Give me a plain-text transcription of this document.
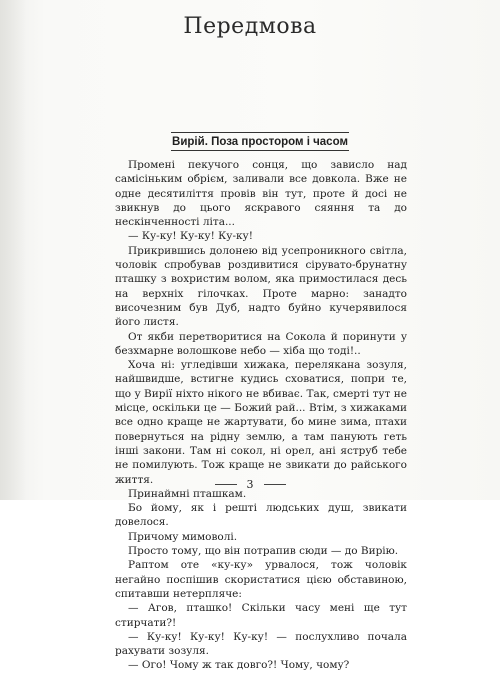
Передмова
Вирій. Поза простором і часом

Промені пекучого сонця, що зависло над самісіньким обрієм, заливали все довкола. Вже не одне десятиліття провів він тут, проте й досі не звикнув до цього яскравого сяяння та до нескінченності літа...

— Ку-ку! Ку-ку! Ку-ку!

Прикрившись долонею від усепроникного світла, чоловік спробував роздивитися сірувато-брунатну пташку з вохристим волом, яка примостилася десь на верхніх гілочках. Проте марно: занадто височезним був Дуб, надто буйно кучерявилося його листя.

От якби перетворитися на Сокола й поринути у безхмарне волошкове небо — хіба що тоді!..

Хоча ні: угледівши хижака, переляканa зозуля, найшвидше, встигне кудись сховатися, попри те, що у Вирії ніхто нікого не вбиває. Так, смерті тут не місце, оскільки це — Божий рай... Втім, з хижаками все одно краще не жартувати, бо мине зима, птахи повернуться на рідну землю, а там панують геть інші закони. Там ні сокол, ні орел, ані яструб тебе не помилують. Тож краще не звикати до райського життя.

Принаймні пташкам.

Бо йому, як і решті людських душ, звикати довелося.

Причому мимоволі.

Просто тому, що він потрапив сюди — до Вирію.

Раптом оте «ку-ку» урвалося, тож чоловік негайно поспішив скористатися цією обставиною, спитавши нетерпляче:

— Агов, пташко! Скільки часу мені ще тут стирчати?!

— Ку-ку! Ку-ку! Ку-ку! — послухливо почала рахувати зозуля.

— Ого! Чому ж так довго?! Чому, чому?

3
